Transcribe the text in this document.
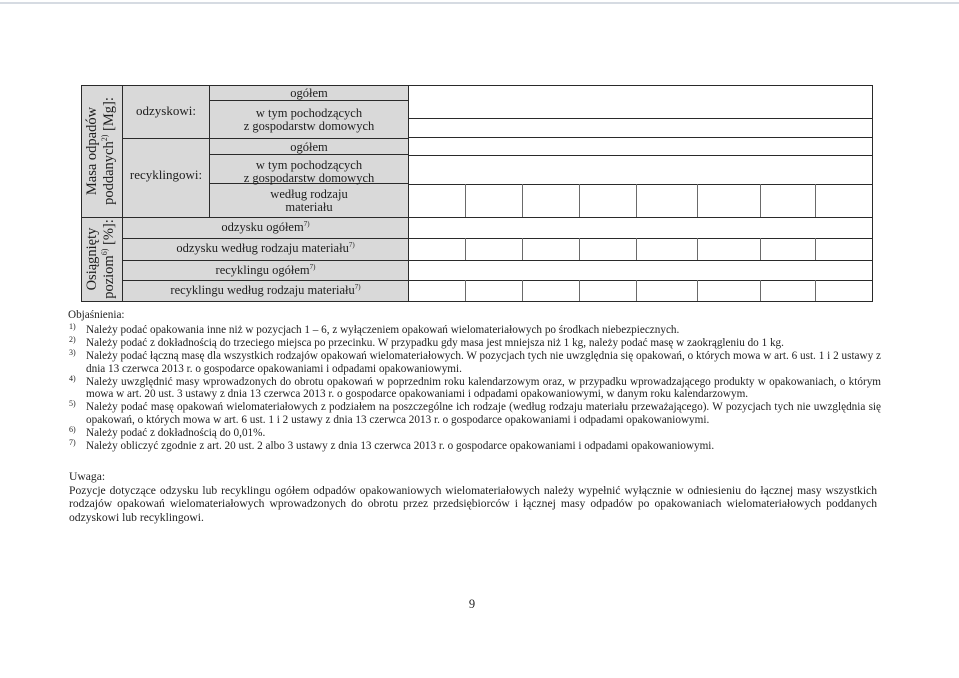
Masa odpadów poddanych$^{2)}$ [Mg]:
Osiągnięty poziom$^{6)}$ [%]:
odzyskowi:
recyklingowi:
ogółem
w tym pochodzących
z gospodarstw domowych
ogółem
w tym pochodzących
z gospodarstw domowych
według rodzaju
materiału
odzysku ogółem$^{7)}$
odzysku według rodzaju materiału$^{7)}$
recyklingu ogółem$^{7)}$
recyklingu według rodzaju materiału$^{7)}$

Objaśnienia:

1) Należy podać opakowania inne niż w pozycjach 1 – 6, z wyłączeniem opakowań wielomateriałowych po środkach niebezpiecznych.

2) Należy podać z dokładnością do trzeciego miejsca po przecinku. W przypadku gdy masa jest mniejsza niż 1 kg, należy podać masę w zaokrągleniu do 1 kg.

3) Należy podać łączną masę dla wszystkich rodzajów opakowań wielomateriałowych. W pozycjach tych nie uwzględnia się opakowań, o których mowa w art. 6 ust. 1 i 2 ustawy z dnia 13 czerwca 2013 r. o gospodarce opakowaniami i odpadami opakowaniowymi.

4) Należy uwzględnić masy wprowadzonych do obrotu opakowań w poprzednim roku kalendarzowym oraz, w przypadku wprowadzającego produkty w opakowaniach, o którym mowa w art. 20 ust. 3 ustawy z dnia 13 czerwca 2013 r. o gospodarce opakowaniami i odpadami opakowaniowymi, w danym roku kalendarzowym.

5) Należy podać masę opakowań wielomateriałowych z podziałem na poszczególne ich rodzaje (według rodzaju materiału przeważającego). W pozycjach tych nie uwzględnia się opakowań, o których mowa w art. 6 ust. 1 i 2 ustawy z dnia 13 czerwca 2013 r. o gospodarce opakowaniami i odpadami opakowaniowymi.

6) Należy podać z dokładnością do 0,01%.

7) Należy obliczyć zgodnie z art. 20 ust. 2 albo 3 ustawy z dnia 13 czerwca 2013 r. o gospodarce opakowaniami i odpadami opakowaniowymi.

Uwaga:

Pozycje dotyczące odzysku lub recyklingu ogółem odpadów opakowaniowych wielomateriałowych należy wypełnić wyłącznie w odniesieniu do łącznej masy wszystkich rodzajów opakowań wielomateriałowych wprowadzonych do obrotu przez przedsiębiorców i łącznej masy odpadów po opakowaniach wielomateriałowych poddanych odzyskowi lub recyklingowi.

9
